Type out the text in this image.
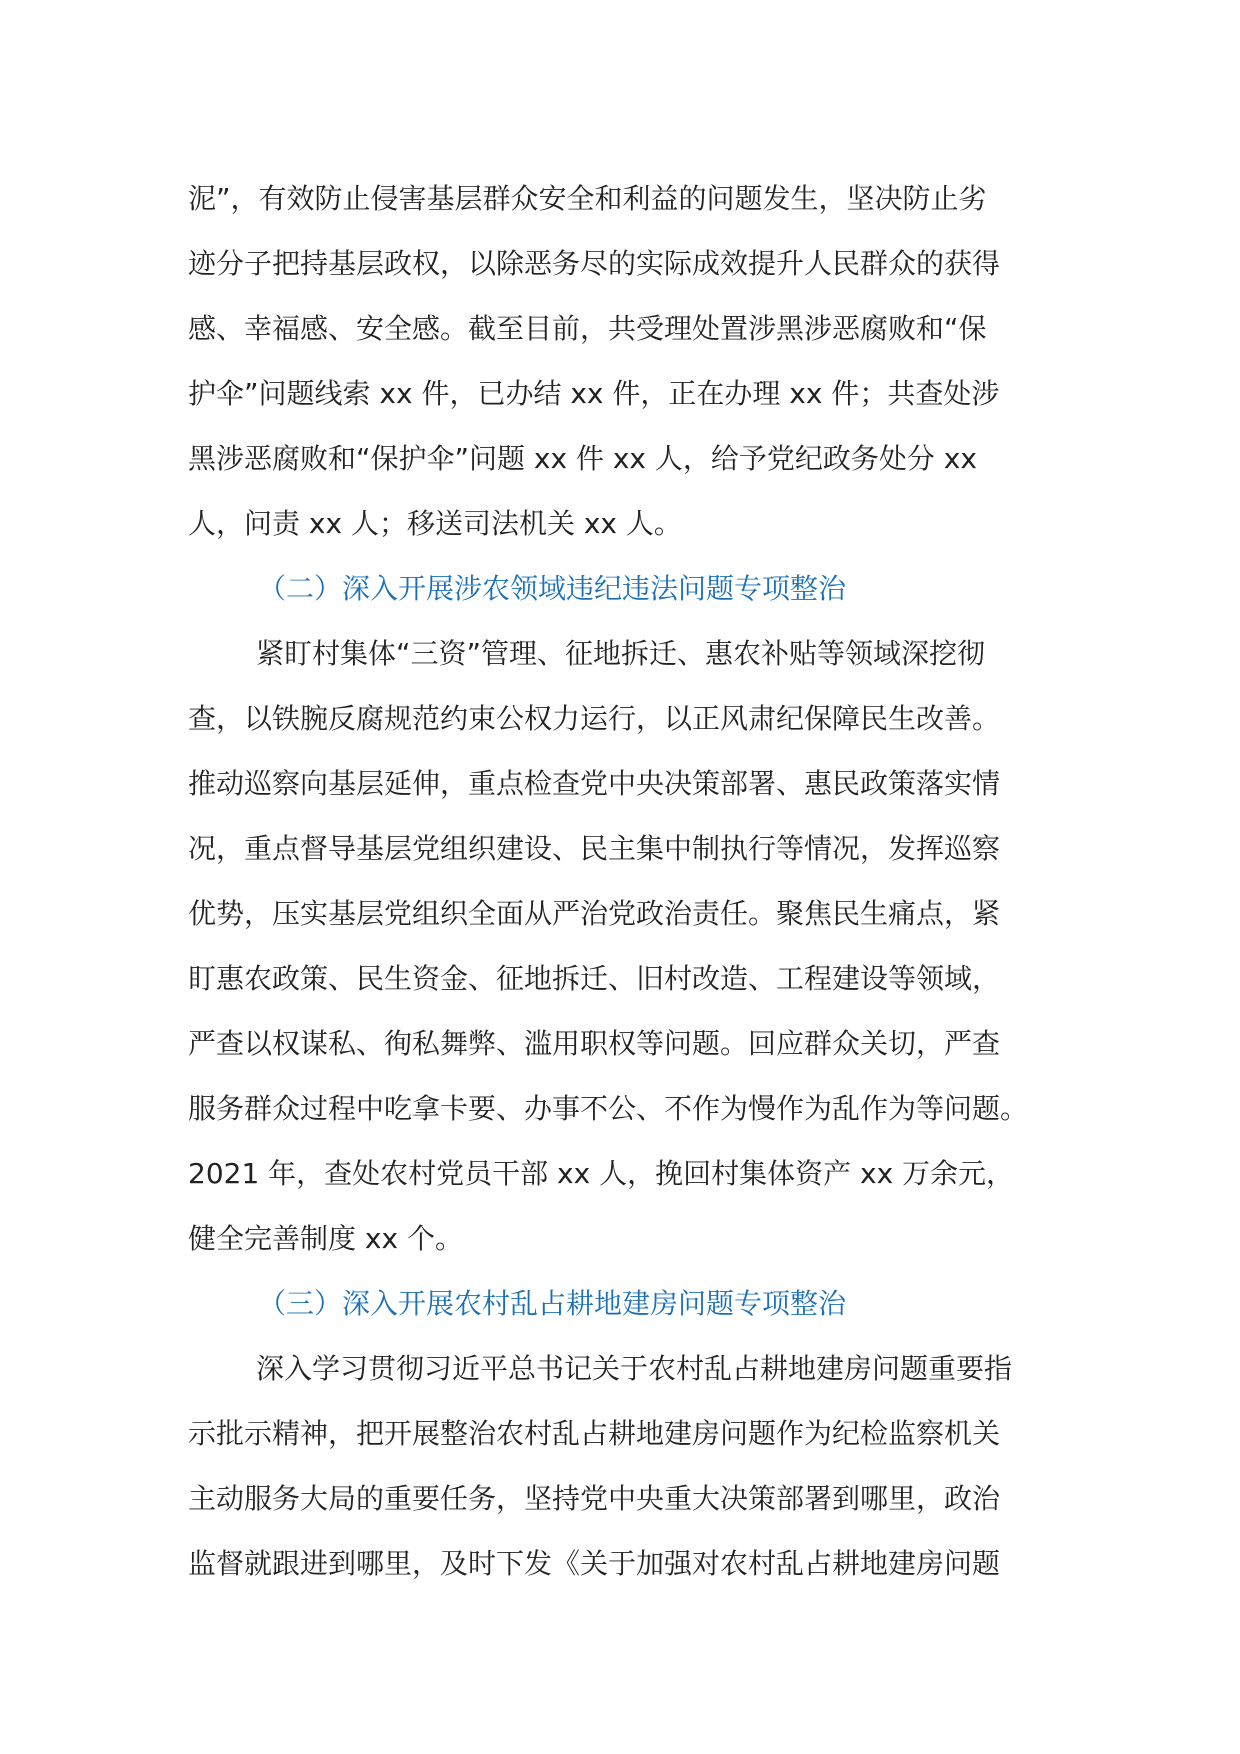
泥”，有效防止侵害基层群众安全和利益的问题发生，坚决防止劣
迹分子把持基层政权，以除恶务尽的实际成效提升人民群众的获得
感、幸福感、安全感。截至目前，共受理处置涉黑涉恶腐败和“保
护伞”问题线索 xx 件，已办结 xx 件，正在办理 xx 件；共查处涉
黑涉恶腐败和“保护伞”问题 xx 件 xx 人，给予党纪政务处分 xx
人，问责 xx 人；移送司法机关 xx 人。
（二）深入开展涉农领域违纪违法问题专项整治
紧盯村集体“三资”管理、征地拆迁、惠农补贴等领域深挖彻
查，以铁腕反腐规范约束公权力运行，以正风肃纪保障民生改善。
推动巡察向基层延伸，重点检查党中央决策部署、惠民政策落实情
况，重点督导基层党组织建设、民主集中制执行等情况，发挥巡察
优势，压实基层党组织全面从严治党政治责任。聚焦民生痛点，紧
盯惠农政策、民生资金、征地拆迁、旧村改造、工程建设等领域，
严查以权谋私、徇私舞弊、滥用职权等问题。回应群众关切，严查
服务群众过程中吃拿卡要、办事不公、不作为慢作为乱作为等问题。
2021 年，查处农村党员干部 xx 人，挽回村集体资产 xx 万余元，
健全完善制度 xx 个。
（三）深入开展农村乱占耕地建房问题专项整治
深入学习贯彻习近平总书记关于农村乱占耕地建房问题重要指
示批示精神，把开展整治农村乱占耕地建房问题作为纪检监察机关
主动服务大局的重要任务，坚持党中央重大决策部署到哪里，政治
监督就跟进到哪里，及时下发《关于加强对农村乱占耕地建房问题
